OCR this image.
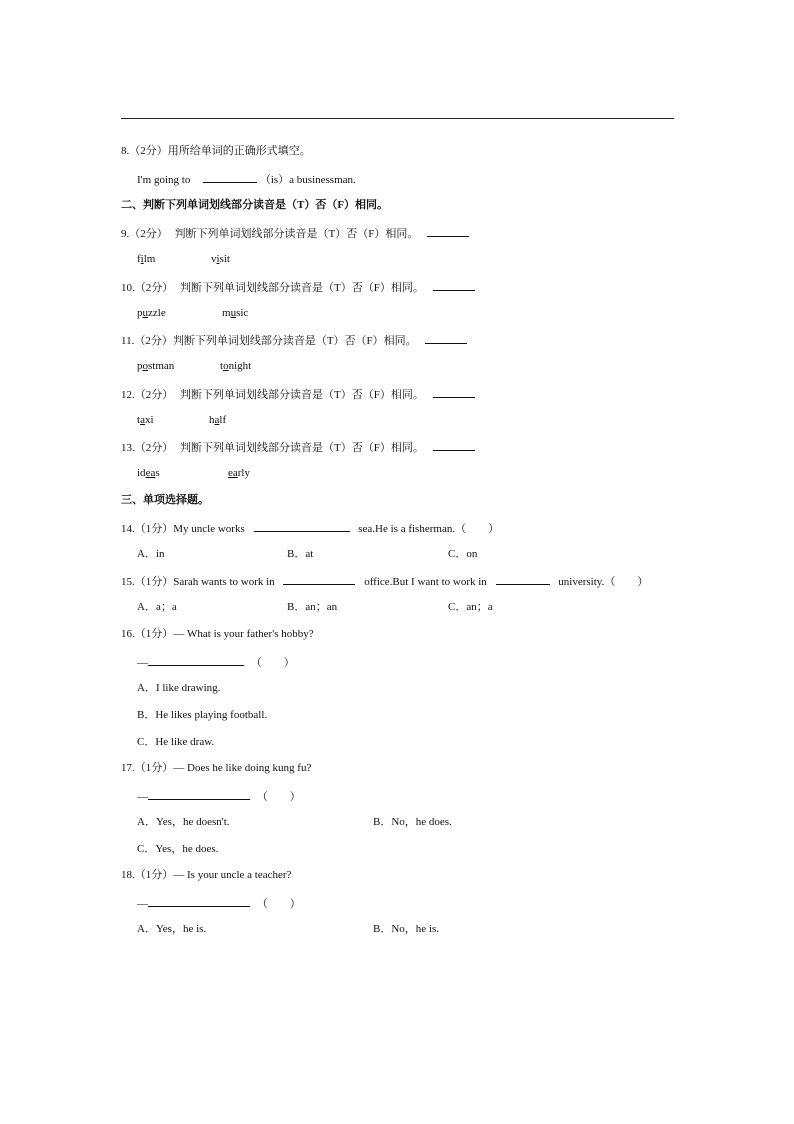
8.（2分）用所给单词的正确形式填空。
I'm going to	（is）a businessman.
二、判断下列单词划线部分读音是（T）否（F）相同。
9.（2分） 判断下列单词划线部分读音是（T）否（F）相同。
film	visit
10.（2分） 判断下列单词划线部分读音是（T）否（F）相同。
puzzle	music
11.（2分）判断下列单词划线部分读音是（T）否（F）相同。
postman	tonight
12.（2分） 判断下列单词划线部分读音是（T）否（F）相同。
taxi	half
13.（2分） 判断下列单词划线部分读音是（T）否（F）相同。
ideas	early
三、单项选择题。
14.（1分）My uncle works	sea.He is a fisherman.（　　）
A．in	B．at	C．on
15.（1分）Sarah wants to work in	office.But I want to work in	university.（　　）
A．a；a	B．an；an	C．an；a
16.（1分）— What is your father's hobby?
—	（　　）
A．I like drawing.
B．He likes playing football.
C．He like draw.
17.（1分）— Does he like doing kung fu?
—	（　　）
A．Yes，he doesn't.	B．No，he does.
C．Yes，he does.
18.（1分）— Is your uncle a teacher?
—	（　　）
A．Yes，he is.	B．No，he is.
